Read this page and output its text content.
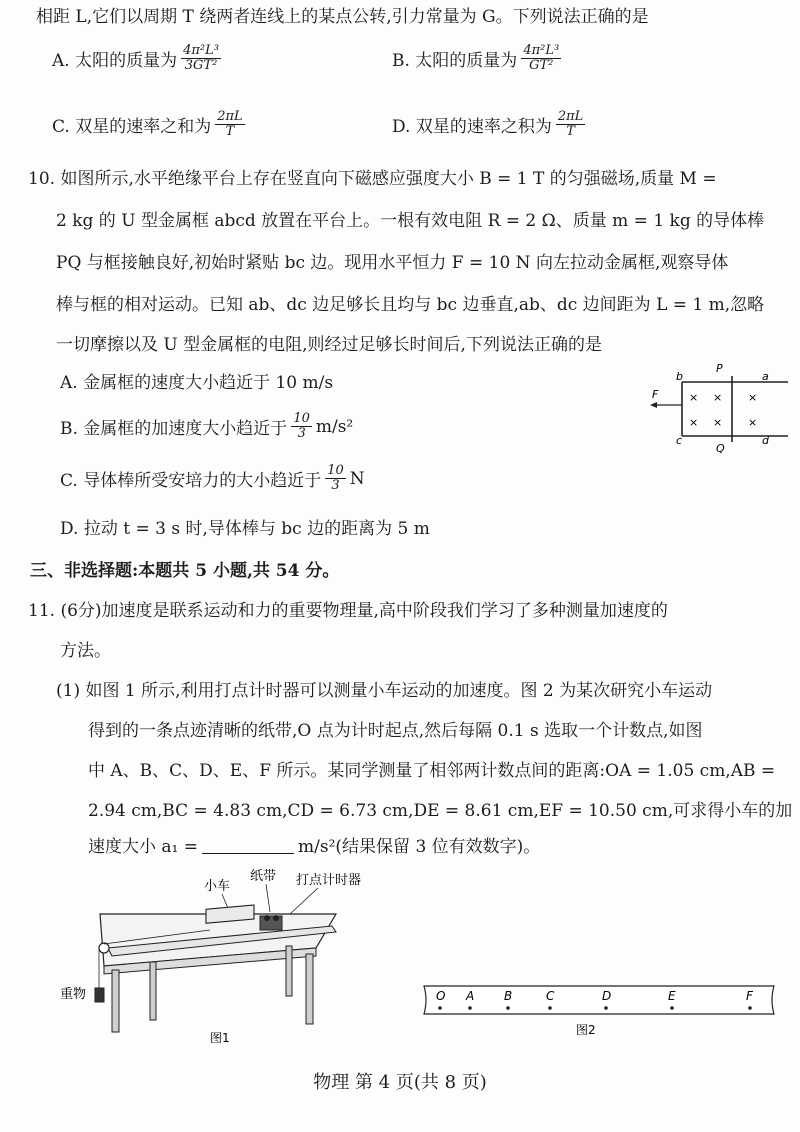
相距 L,它们以周期 T 绕两者连线上的某点公转,引力常量为 G。下列说法正确的是
A. 太阳的质量为 $\frac{\text{4π²L³}}{\text{3GT²}}$	B. 太阳的质量为 $\frac{\text{4π²L³}}{\text{GT²}}$
C. 双星的速率之和为 $\frac{2\pi L}{T}$	D. 双星的速率之积为 $\frac{2\pi L}{T}$
10. 如图所示,水平绝缘平台上存在竖直向下磁感应强度大小 B = 1 T 的匀强磁场,质量 M =
2 kg 的 U 型金属框 abcd 放置在平台上。一根有效电阻 R = 2 Ω、质量 m = 1 kg 的导体棒
PQ 与框接触良好,初始时紧贴 bc 边。现用水平恒力 F = 10 N 向左拉动金属框,观察导体
棒与框的相对运动。已知 ab、dc 边足够长且均与 bc 边垂直,ab、dc 边间距为 L = 1 m,忽略
一切摩擦以及 U 型金属框的电阻,则经过足够长时间后,下列说法正确的是
A. 金属框的速度大小趋近于 10 m/s
B. 金属框的加速度大小趋近于 $\frac{10}{3} m/s^2$
C. 导体棒所受安培力的大小趋近于 $\frac{10}{3}$ N
D. 拉动 t = 3 s 时,导体棒与 bc 边的距离为 5 m
b
P
a
c
Q
d
F	× × ×
× × ×
三、非选择题:本题共 5 小题,共 54 分。
11. (6分)加速度是联系运动和力的重要物理量,高中阶段我们学习了多种测量加速度的
方法。
(1) 如图 1 所示,利用打点计时器可以测量小车运动的加速度。图 2 为某次研究小车运动
得到的一条点迹清晰的纸带,O 点为计时起点,然后每隔 0.1 s 选取一个计数点,如图
中 A、B、C、D、E、F 所示。某同学测量了相邻两计数点间的距离:OA = 1.05 cm,AB =
2.94 cm,BC = 4.83 cm,CD = 6.73 cm,DE = 8.61 cm,EF = 10.50 cm,可求得小车的加
速度大小 a₁ =	m/s²(结果保留 3 位有效数字)。
小车
纸带 打点计时器
重物
图1
O A B	C	D	E	F
图2
物理 第 4 页(共 8 页)
